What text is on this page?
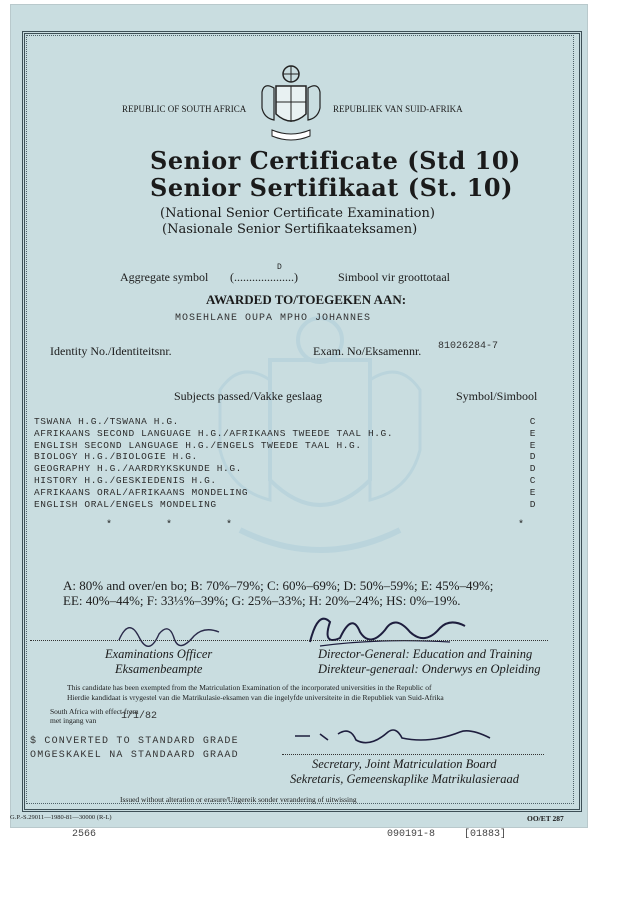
REPUBLIC OF SOUTH AFRICA	REPUBLIEK VAN SUID-AFRIKA
Senior Certificate (Std 10)
Senior Sertifikaat (St. 10)
(National Senior Certificate Examination)
(Nasionale Senior Sertifikaateksamen)
Aggregate symbol (....................)
D
Simbool vir groottotaal
AWARDED TO/TOEGEKEN AAN:
MOSEHLANE OUPA MPHO JOHANNES
Identity No./Identiteitsnr.	Exam. No/Eksamennr. 81026284-7
Subjects passed/Vakke geslaag	Symbol/Simbool
TSWANA H.G./TSWANA H.G.	C
AFRIKAANS SECOND LANGUAGE H.G./AFRIKAANS TWEEDE TAAL H.G.	E
ENGLISH SECOND LANGUAGE H.G./ENGELS TWEEDE TAAL H.G.	E
BIOLOGY H.G./BIOLOGIE H.G.	D
GEOGRAPHY H.G./AARDRYKSKUNDE H.G.	D
HISTORY H.G./GESKIEDENIS H.G.	C
AFRIKAANS ORAL/AFRIKAANS MONDELING	E
ENGLISH ORAL/ENGELS MONDELING	D
*	*	*	*
A: 80% and over/en bo; B: 70%–79%; C: 60%–69%; D: 50%–59%; E: 45%–49%;
EE: 40%–44%; F: 33⅓%–39%; G: 25%–33%; H: 20%–24%; HS: 0%–19%.
Examinations Officer
Eksamenbeampte
Director-General: Education and Training
Direkteur-generaal: Onderwys en Opleiding
This candidate has been exempted from the Matriculation Examination of the incorporated universities in the Republic of
Hierdie kandidaat is vrygestel van die Matrikulasie-eksamen van die ingelyfde universiteite in die Republiek van Suid-Afrika
South Africa with effect from
met ingang van 1/1/82
$ CONVERTED TO STANDARD GRADE
OMGESKAKEL NA STANDAARD GRAAD
Secretary, Joint Matriculation Board
Sekretaris, Gemeenskaplike Matrikulasieraad
Issued without alteration or erasure/Uitgereik sonder verandering of uitwissing
G.P.-S.29011—1980-81—30000 (R-L)	OO/ET 287
2566	090191-8	[01883]
